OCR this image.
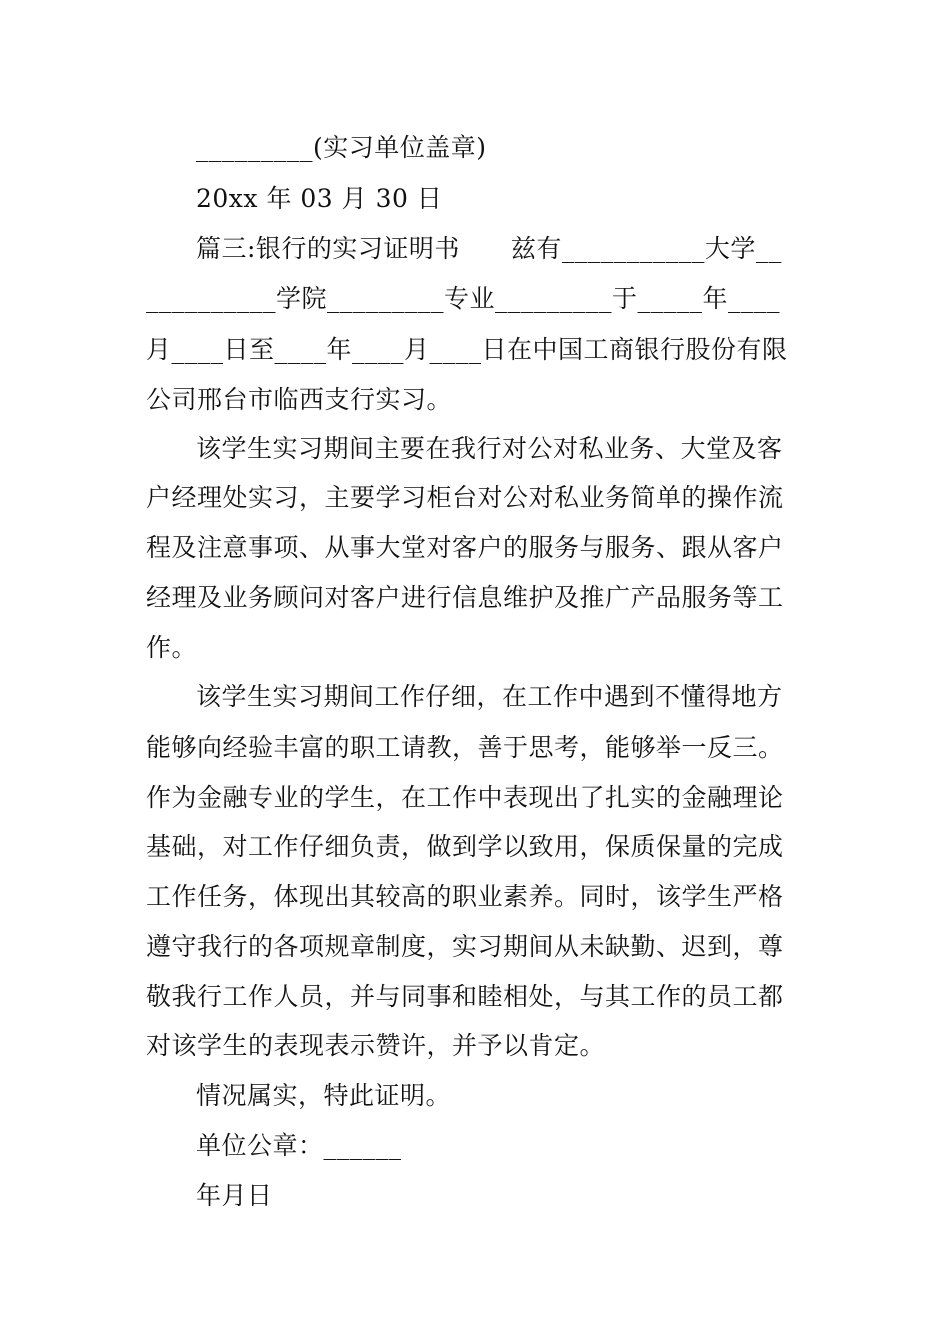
_________(实习单位盖章)
20xx 年 03 月 30 日
篇三:银行的实习证明书　　兹有___________大学__
__________学院_________专业_________于_____年____
月____日至____年____月____日在中国工商银行股份有限
公司邢台市临西支行实习。
该学生实习期间主要在我行对公对私业务、大堂及客
户经理处实习，主要学习柜台对公对私业务简单的操作流
程及注意事项、从事大堂对客户的服务与服务、跟从客户
经理及业务顾问对客户进行信息维护及推广产品服务等工
作。
该学生实习期间工作仔细，在工作中遇到不懂得地方
能够向经验丰富的职工请教，善于思考，能够举一反三。
作为金融专业的学生，在工作中表现出了扎实的金融理论
基础，对工作仔细负责，做到学以致用，保质保量的完成
工作任务，体现出其较高的职业素养。同时，该学生严格
遵守我行的各项规章制度，实习期间从未缺勤、迟到，尊
敬我行工作人员，并与同事和睦相处，与其工作的员工都
对该学生的表现表示赞许，并予以肯定。
情况属实，特此证明。
单位公章：______
年月日
